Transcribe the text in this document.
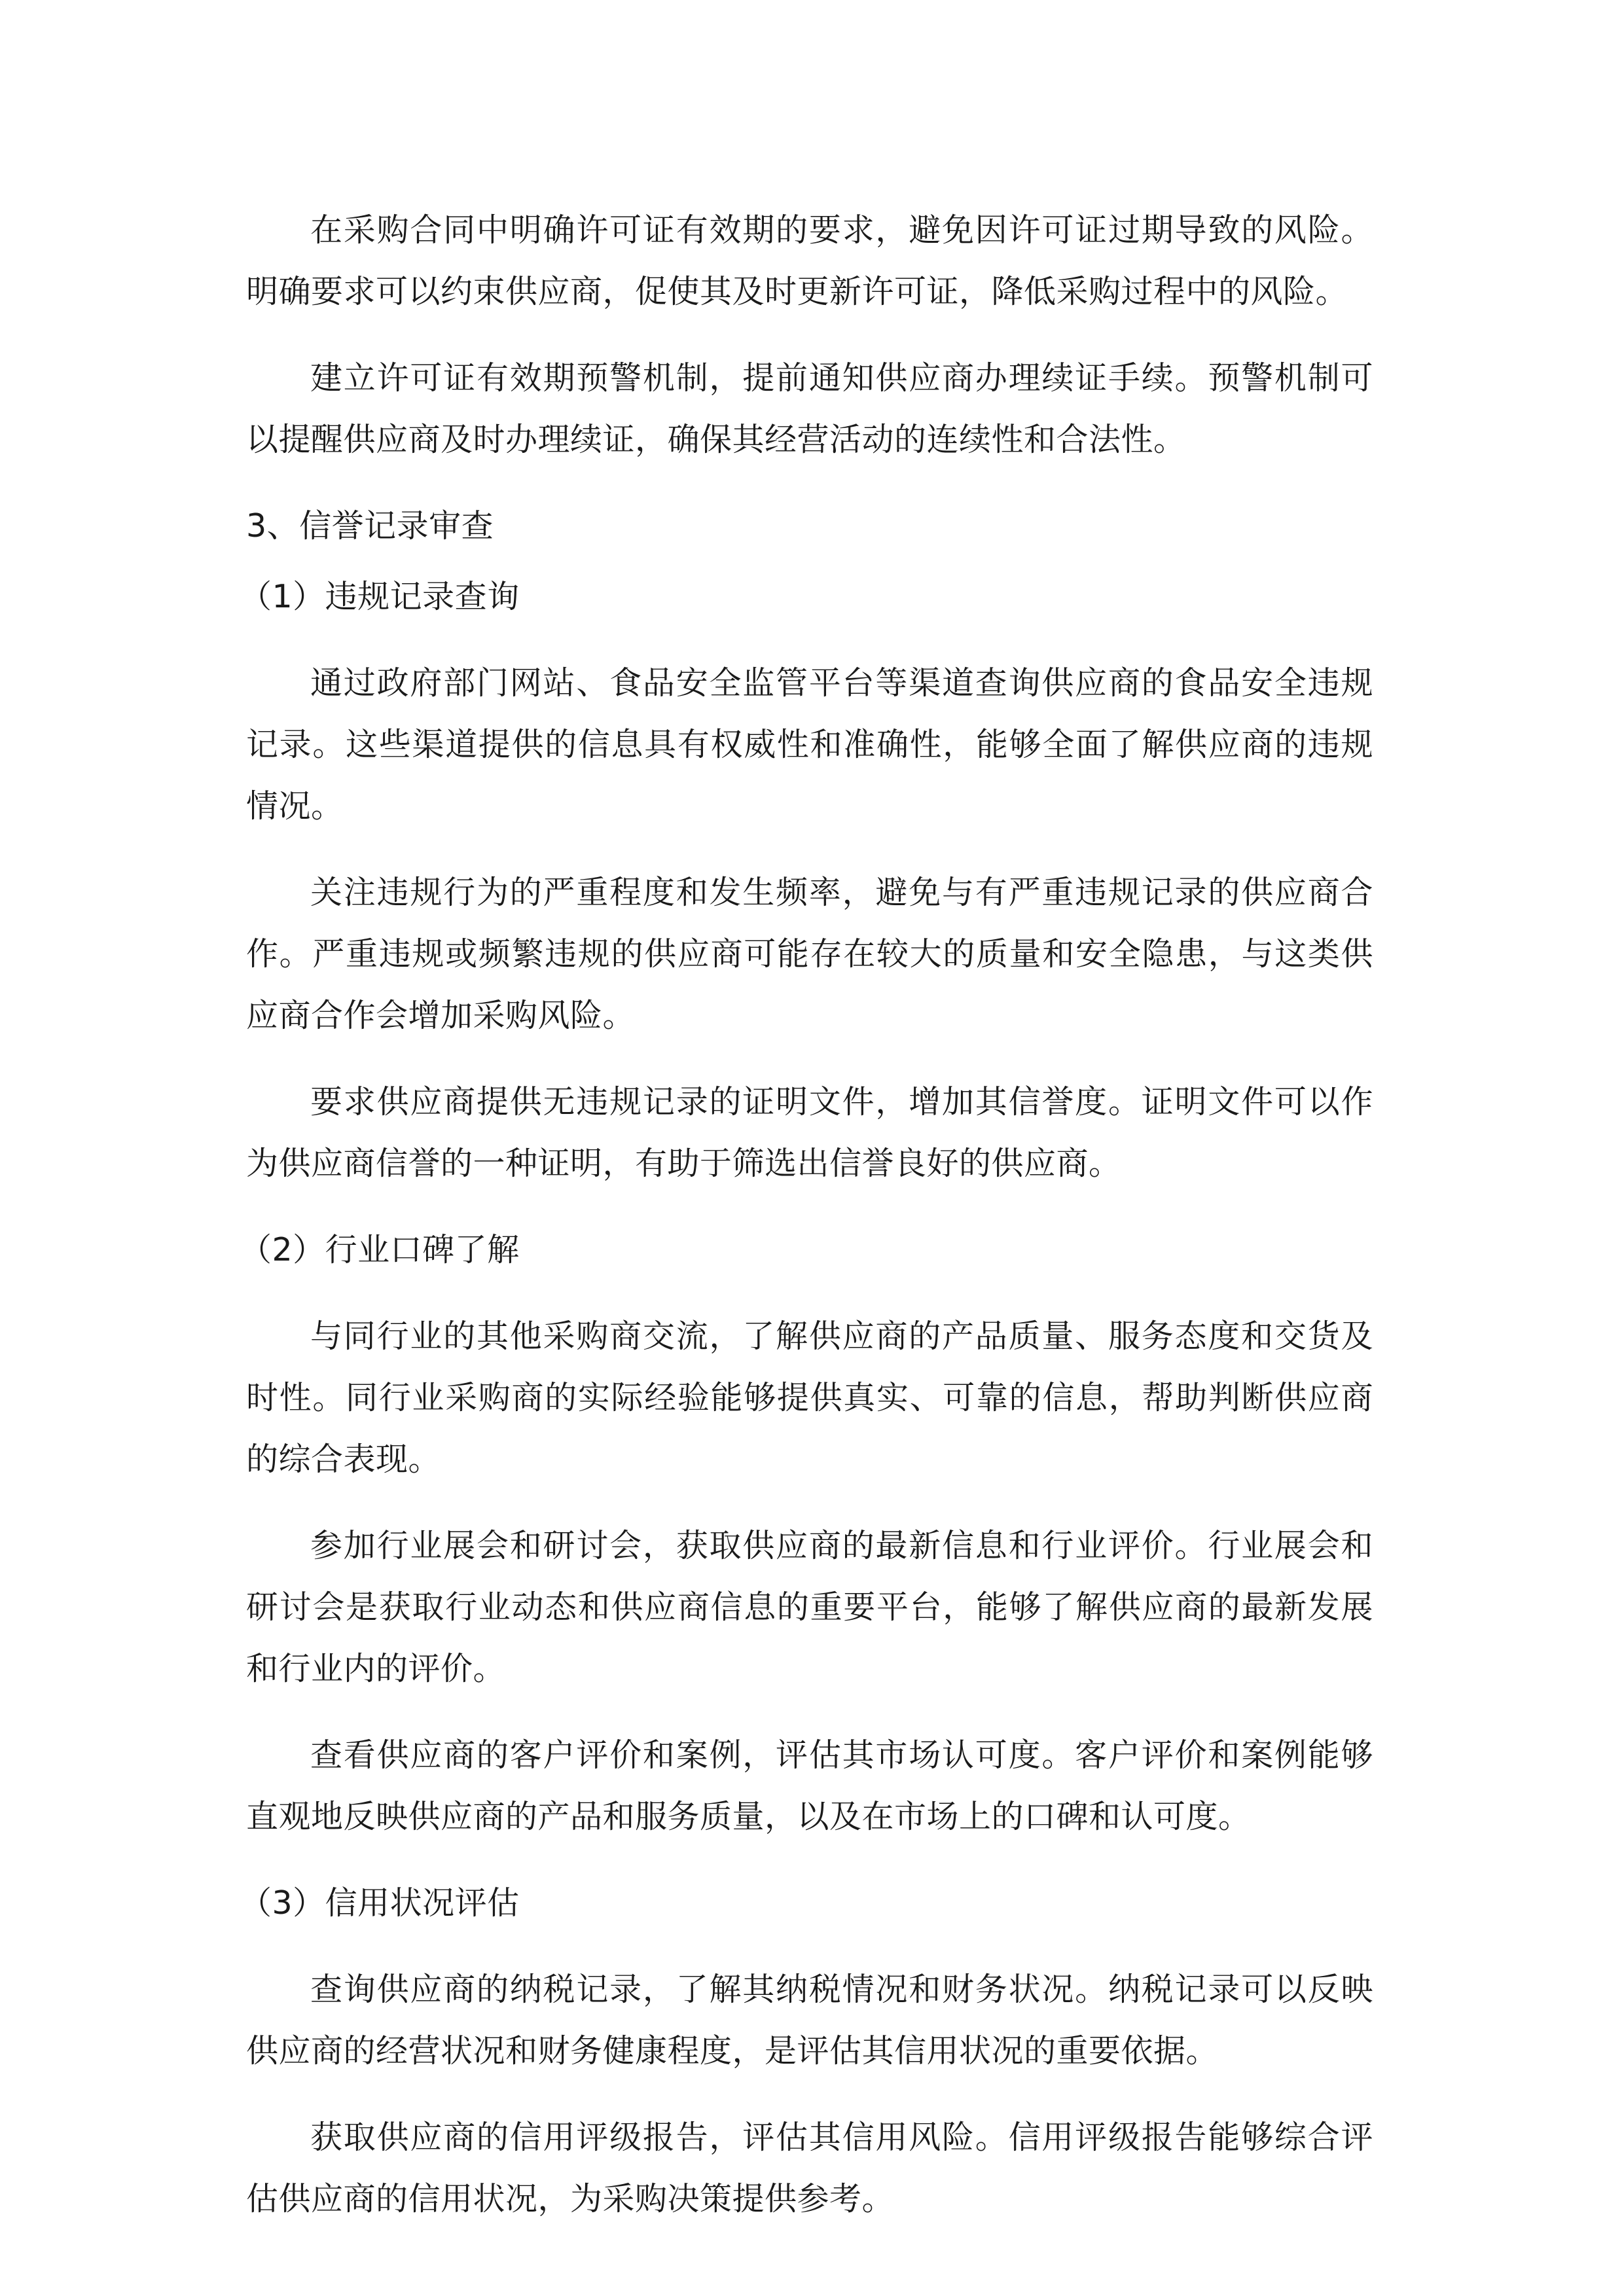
在采购合同中明确许可证有效期的要求，避免因许可证过期导致的风险。明确要求可以约束供应商，促使其及时更新许可证，降低采购过程中的风险。

建立许可证有效期预警机制，提前通知供应商办理续证手续。预警机制可以提醒供应商及时办理续证，确保其经营活动的连续性和合法性。

3、信誉记录审查
（1）违规记录查询

通过政府部门网站、食品安全监管平台等渠道查询供应商的食品安全违规记录。这些渠道提供的信息具有权威性和准确性，能够全面了解供应商的违规情况。

关注违规行为的严重程度和发生频率，避免与有严重违规记录的供应商合作。严重违规或频繁违规的供应商可能存在较大的质量和安全隐患，与这类供应商合作会增加采购风险。

要求供应商提供无违规记录的证明文件，增加其信誉度。证明文件可以作为供应商信誉的一种证明，有助于筛选出信誉良好的供应商。

（2）行业口碑了解

与同行业的其他采购商交流，了解供应商的产品质量、服务态度和交货及时性。同行业采购商的实际经验能够提供真实、可靠的信息，帮助判断供应商的综合表现。

参加行业展会和研讨会，获取供应商的最新信息和行业评价。行业展会和研讨会是获取行业动态和供应商信息的重要平台，能够了解供应商的最新发展和行业内的评价。

查看供应商的客户评价和案例，评估其市场认可度。客户评价和案例能够直观地反映供应商的产品和服务质量，以及在市场上的口碑和认可度。

（3）信用状况评估

查询供应商的纳税记录，了解其纳税情况和财务状况。纳税记录可以反映供应商的经营状况和财务健康程度，是评估其信用状况的重要依据。

获取供应商的信用评级报告，评估其信用风险。信用评级报告能够综合评估供应商的信用状况，为采购决策提供参考。
